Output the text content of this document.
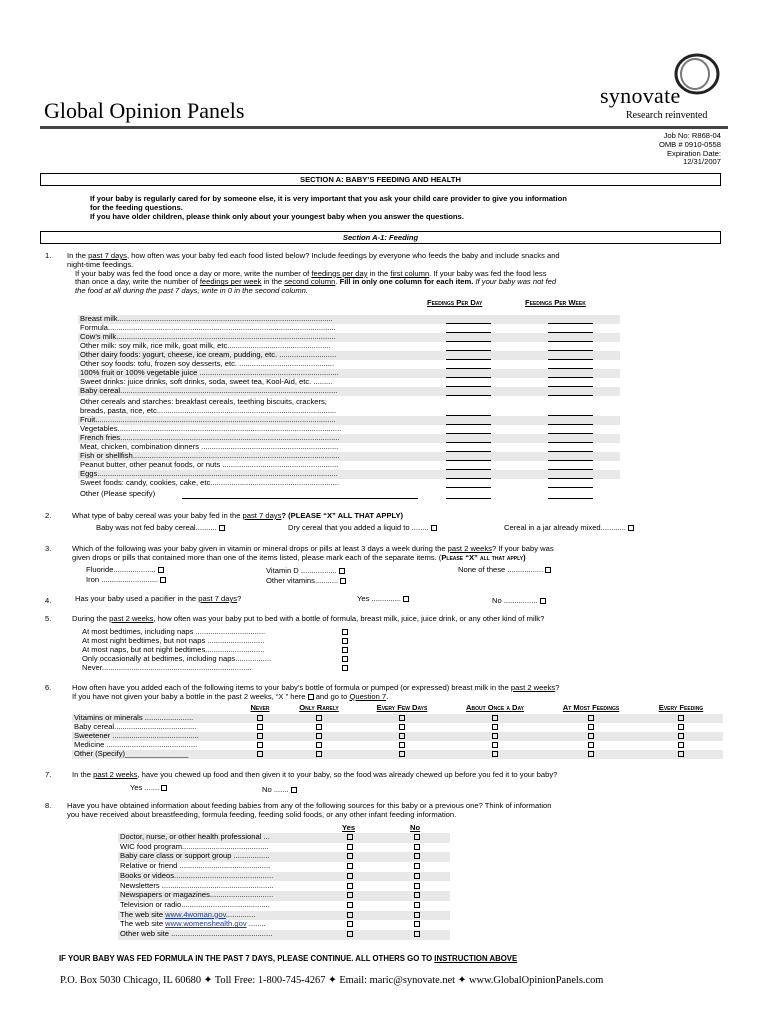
Global Opinion Panels
synovate
Research reinvented
Job No: R868-04
OMB # 0910-0558
Expiration Date:
12/31/2007
SECTION A: BABY’S FEEDING AND HEALTH
If your baby is regularly cared for by someone else, it is very important that you ask your child care provider to give you information
for the feeding questions.
If you have older children, please think only about your youngest baby when you answer the questions.
Section A-1: Feeding
1. In the past 7 days, how often was your baby fed each food listed below? Include feedings by everyone who feeds the baby and include snacks and
night-time feedings.
If your baby was fed the food once a day or more, write the number of feedings per day in the first column. If your baby was fed the food less
than once a day, write the number of feedings per week in the second column. Fill in only one column for each item. If your baby was not fed
the food at all during the past 7 days, write in 0 in the second column.
Feedings Per Day	Feedings Per Week
Breast milk......................................................................................................
Formula............................................................................................................
Cow’s milk........................................................................................................
Other milk: soy milk, rice milk, goat milk, etc.................................................
Other dairy foods: yogurt, cheese, ice cream, pudding, etc. ...........................
Other soy foods: tofu, frozen soy desserts, etc. .............................................
100% fruit or 100% vegetable juice ..................................................................
Sweet drinks: juice drinks, soft drinks, soda, sweet tea, Kool-Aid, etc. .........
Baby cereal.......................................................................................................
Other cereals and starches: breakfast cereals, teething biscuits, crackers,
breads, pasta, rice, etc.....................................................................................
Fruit..................................................................................................................
Vegetables..........................................................................................................
French fries........................................................................................................
Meat, chicken, combination dinners .................................................................
Fish or shellfish..................................................................................................
Peanut butter, other peanut foods, or nuts .......................................................
Eggs..................................................................................................................
Sweet foods: candy, cookies, cake, etc.............................................................
Other (Please specify)
2.	What type of baby cereal was your baby fed in the past 7 days? (PLEASE “X” ALL THAT APPLY)
Baby was not fed baby cereal..........	Dry cereal that you added a liquid to ........	Cereal in a jar already mixed............
3.	Which of the following was your baby given in vitamin or mineral drops or pills at least 3 days a week during the past 2 weeks? If your baby was
given drops or pills that contained more than one of the items listed, please mark each of the separate items. (Please “X” all that apply)
Fluoride....................
Iron ...........................
Vitamin D .................
Other vitamins...........
None of these .................
4.	Has your baby used a pacifier in the past 7 days?	Yes ..............	No ................
5.	During the past 2 weeks, how often was your baby put to bed with a bottle of formula, breast milk, juice, juice drink, or any other kind of milk?
At most bedtimes, including naps .................................
At most night bedtimes, but not naps ...........................
At most naps, but not night bedtimes............................
Only occasionally at bedtimes, including naps.................
Never.......................................................................
6.	How often have you added each of the following items to your baby’s bottle of formula or pumped (or expressed) breast milk in the past 2 weeks?
If you have not given your baby a bottle in the past 2 weeks, “X ” here and go to Question 7.
Never	Only Rarely	Every Few Days	About Once a Day	At Most Feedings	Every Feeding
Vitamins or minerals .......................
Baby cereal.......................................
Sweetener .........................................
Medicine ...........................................
Other (Specify)_______________
7.	In the past 2 weeks, have you chewed up food and then given it to your baby, so the food was already chewed up before you fed it to your baby?
Yes .......	No .......
8. Have you have obtained information about feeding babies from any of the following sources for this baby or a previous one? Think of information
you have received about breastfeeding, formula feeding, feeding solid foods, or any other infant feeding information.
Yes	No
Doctor, nurse, or other health professional ...
WIC food program.........................................
Baby care class or support group .................
Relative or friend ...........................................
Books or videos...............................................
Newsletters .....................................................
Newspapers or magazines..............................
Television or radio..........................................
The web site www.4woman.gov..............
The web site www.womenshealth.gov ........
Other web site ................................................
IF YOUR BABY WAS FED FORMULA IN THE PAST 7 DAYS, PLEASE CONTINUE. ALL OTHERS GO TO INSTRUCTION ABOVE
P.O. Box 5030 Chicago, IL 60680 ✦ Toll Free: 1-800-745-4267 ✦ Email: maric@synovate.net ✦ www.GlobalOpinionPanels.com
